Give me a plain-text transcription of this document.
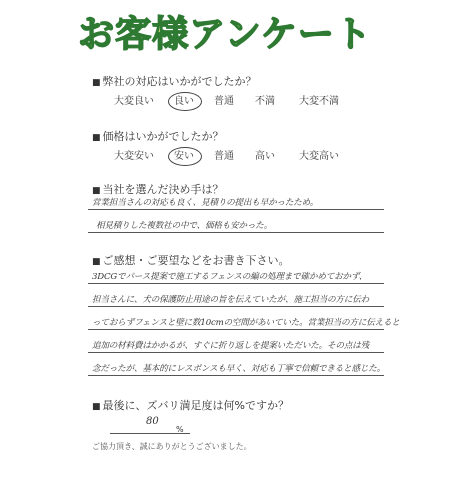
お客様アンケート
■ 弊社の対応はいかがでしたか？
大変良い 良い 普通 不満 大変不満
■ 価格はいかがでしたか？
大変安い 安い 普通 高い 大変高い
■ 当社を選んだ決め手は？
営業担当さんの対応も良く、見積りの提出も早かったため。
相見積りした複数社の中で、価格も安かった。
■ ご感想・ご要望などをお書き下さい。
3DCGでパース提案で施工するフェンスの編の処理まで確かめておかず、
担当さんに、犬の保護防止用途の旨を伝えていたが、施工担当の方に伝わ
っておらずフェンスと壁に数10cmの空間があいていた。営業担当の方に伝えると
追加の材料費はかかるが、すぐに折り返しを提案いただいた。その点は残
念だったが、基本的にレスポンスも早く、対応も丁寧で信頼できると感じた。
■ 最後に、ズバリ満足度は何%ですか？
80
%
ご協力頂き、誠にありがとうございました。
